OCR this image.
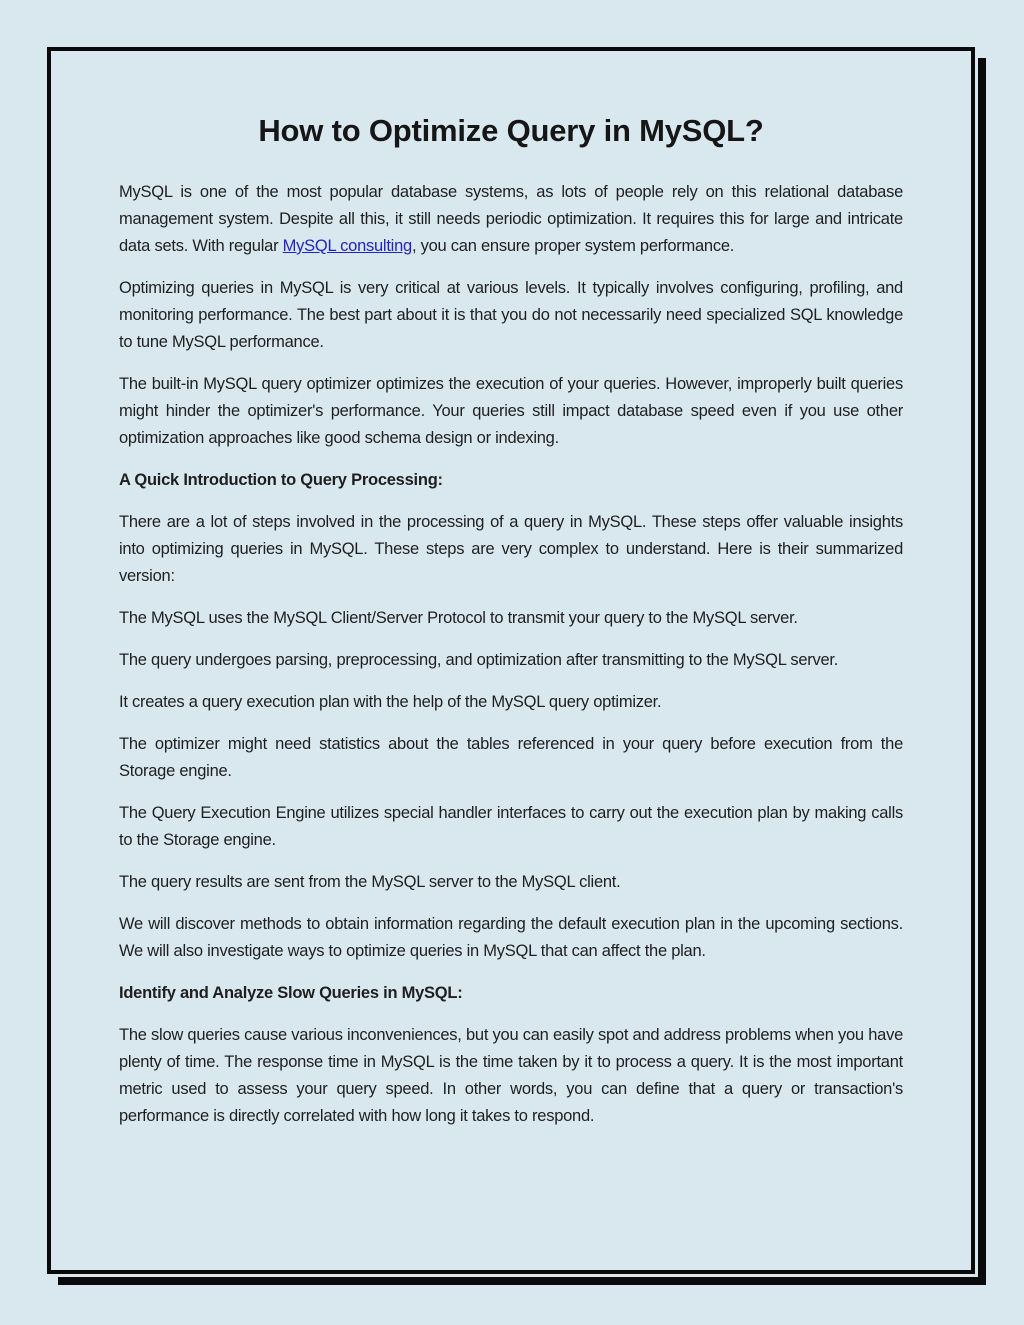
How to Optimize Query in MySQL?

MySQL is one of the most popular database systems, as lots of people rely on this relational database management system. Despite all this, it still needs periodic optimization. It requires this for large and intricate data sets. With regular MySQL consulting, you can ensure proper system performance.

Optimizing queries in MySQL is very critical at various levels. It typically involves configuring, profiling, and monitoring performance. The best part about it is that you do not necessarily need specialized SQL knowledge to tune MySQL performance.

The built-in MySQL query optimizer optimizes the execution of your queries. However, improperly built queries might hinder the optimizer's performance. Your queries still impact database speed even if you use other optimization approaches like good schema design or indexing.

A Quick Introduction to Query Processing:

There are a lot of steps involved in the processing of a query in MySQL. These steps offer valuable insights into optimizing queries in MySQL. These steps are very complex to understand. Here is their summarized version:

The MySQL uses the MySQL Client/Server Protocol to transmit your query to the MySQL server.

The query undergoes parsing, preprocessing, and optimization after transmitting to the MySQL server.

It creates a query execution plan with the help of the MySQL query optimizer.

The optimizer might need statistics about the tables referenced in your query before execution from the Storage engine.

The Query Execution Engine utilizes special handler interfaces to carry out the execution plan by making calls to the Storage engine.

The query results are sent from the MySQL server to the MySQL client.

We will discover methods to obtain information regarding the default execution plan in the upcoming sections. We will also investigate ways to optimize queries in MySQL that can affect the plan.

Identify and Analyze Slow Queries in MySQL:

The slow queries cause various inconveniences, but you can easily spot and address problems when you have plenty of time. The response time in MySQL is the time taken by it to process a query. It is the most important metric used to assess your query speed. In other words, you can define that a query or transaction's performance is directly correlated with how long it takes to respond.
